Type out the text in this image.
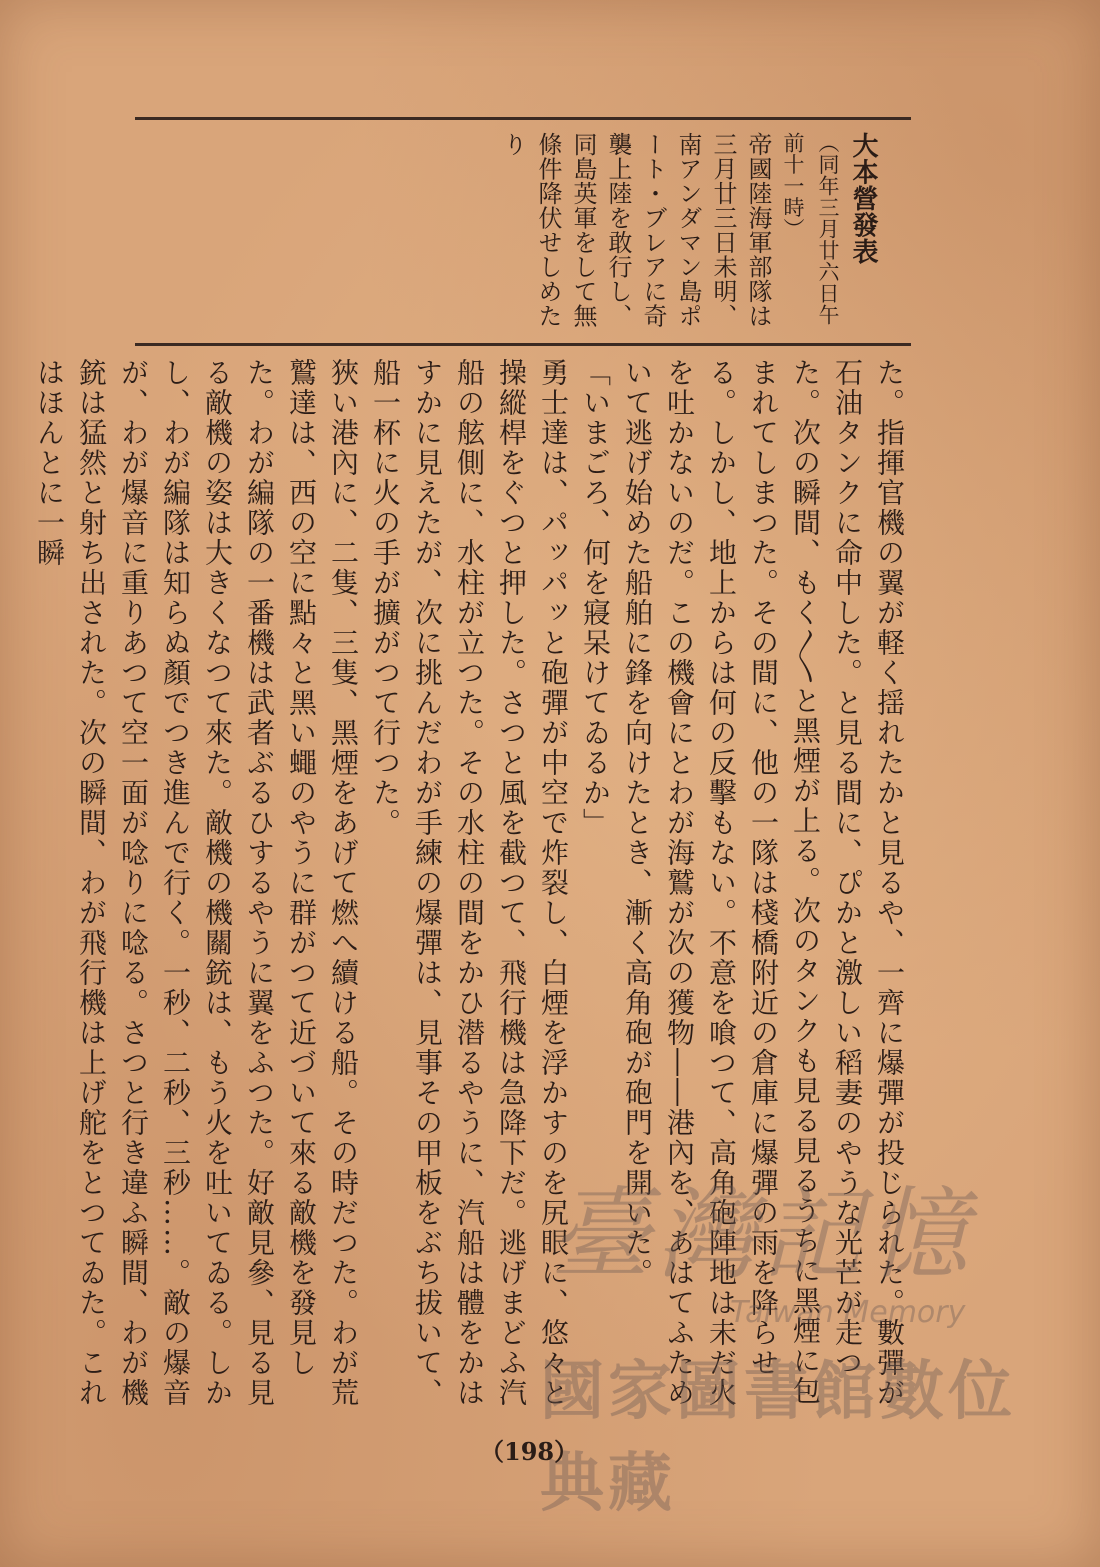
大本營發表
（同年三月廿六日午前十一時）
帝國陸海軍部隊は三月廿三日未明、南アンダマン島ポート・ブレアに奇襲上陸を敢行し、同島英軍をして無條件降伏せしめたり

た。指揮官機の翼が軽く揺れたかと見るや、一齊に爆彈が投じられた。數彈が石油タンクに命中した。と見る間に、ぴかと激しい稻妻のやうな光芒が走つた。次の瞬間、もく〳〵と黑煙が上る。次のタンクも見る見るうちに黑煙に包まれてしまつた。その間に、他の一隊は棧橋附近の倉庫に爆彈の雨を降らせる。しかし、地上からは何の反擊もない。不意を喰つて、高角砲陣地は未だ火を吐かないのだ。この機會にとわが海鷲が次の獲物――港內を、あはてふためいて逃げ始めた船舶に鋒を向けたとき、漸く高角砲が砲門を開いた。

「いまごろ、何を寢呆けてゐるか」

勇士達は、パッパッと砲彈が中空で炸裂し、白煙を浮かすのを尻眼に、悠々と操縱桿をぐつと押した。さつと風を截つて、飛行機は急降下だ。逃げまどふ汽船の舷側に、水柱が立つた。その水柱の間をかひ潜るやうに、汽船は體をかはすかに見えたが、次に挑んだわが手練の爆彈は、見事その甲板をぶち拔いて、船一杯に火の手が擴がつて行つた。

狹い港內に、二隻、三隻、黑煙をあげて燃へ續ける船。その時だつた。わが荒鷲達は、西の空に點々と黑い蠅のやうに群がつて近づいて來る敵機を發見した。わが編隊の一番機は武者ぶるひするやうに翼をふつた。好敵見參、見る見る敵機の姿は大きくなつて來た。敵機の機關銃は、もう火を吐いてゐる。しかし、わが編隊は知らぬ顏でつき進んで行く。一秒、二秒、三秒……。敵の爆音が、わが爆音に重りあつて空一面が唸りに唸る。さつと行き違ふ瞬間、わが機銃は猛然と射ち出された。次の瞬間、わが飛行機は上げ舵をとつてゐた。これはほんとに一瞬

臺灣記憶
Taiwan Memory
國家圖書館數位典藏
（198）
